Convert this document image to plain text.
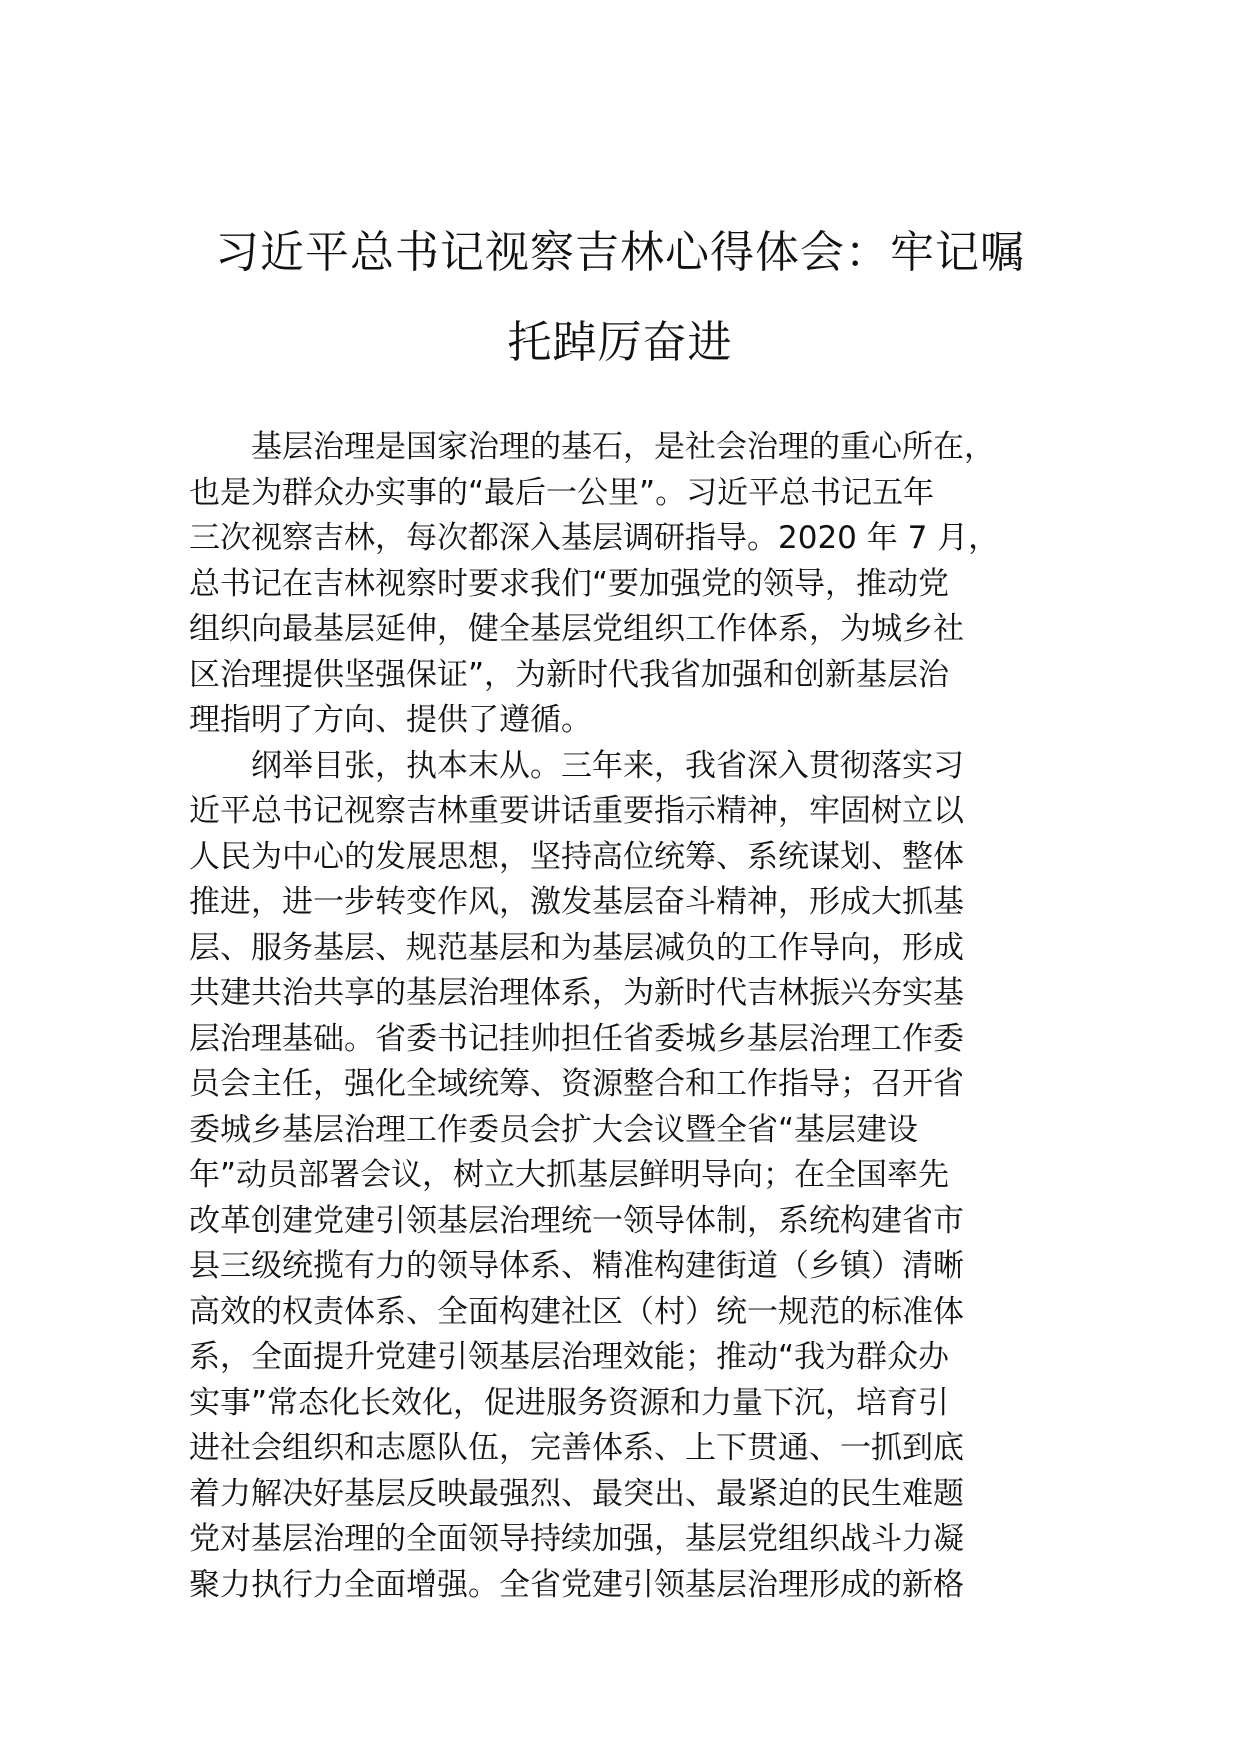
习近平总书记视察吉林心得体会：牢记嘱
托踔厉奋进
　　基层治理是国家治理的基石，是社会治理的重心所在，
也是为群众办实事的“最后一公里”。习近平总书记五年
三次视察吉林，每次都深入基层调研指导。2020 年 7 月，
总书记在吉林视察时要求我们“要加强党的领导，推动党
组织向最基层延伸，健全基层党组织工作体系，为城乡社
区治理提供坚强保证”，为新时代我省加强和创新基层治
理指明了方向、提供了遵循。
　　纲举目张，执本末从。三年来，我省深入贯彻落实习
近平总书记视察吉林重要讲话重要指示精神，牢固树立以
人民为中心的发展思想，坚持高位统筹、系统谋划、整体
推进，进一步转变作风，激发基层奋斗精神，形成大抓基
层、服务基层、规范基层和为基层减负的工作导向，形成
共建共治共享的基层治理体系，为新时代吉林振兴夯实基
层治理基础。省委书记挂帅担任省委城乡基层治理工作委
员会主任，强化全域统筹、资源整合和工作指导；召开省
委城乡基层治理工作委员会扩大会议暨全省“基层建设
年”动员部署会议，树立大抓基层鲜明导向；在全国率先
改革创建党建引领基层治理统一领导体制，系统构建省市
县三级统揽有力的领导体系、精准构建街道（乡镇）清晰
高效的权责体系、全面构建社区（村）统一规范的标准体
系，全面提升党建引领基层治理效能；推动“我为群众办
实事”常态化长效化，促进服务资源和力量下沉，培育引
进社会组织和志愿队伍，完善体系、上下贯通、一抓到底
着力解决好基层反映最强烈、最突出、最紧迫的民生难题
党对基层治理的全面领导持续加强，基层党组织战斗力凝
聚力执行力全面增强。全省党建引领基层治理形成的新格
